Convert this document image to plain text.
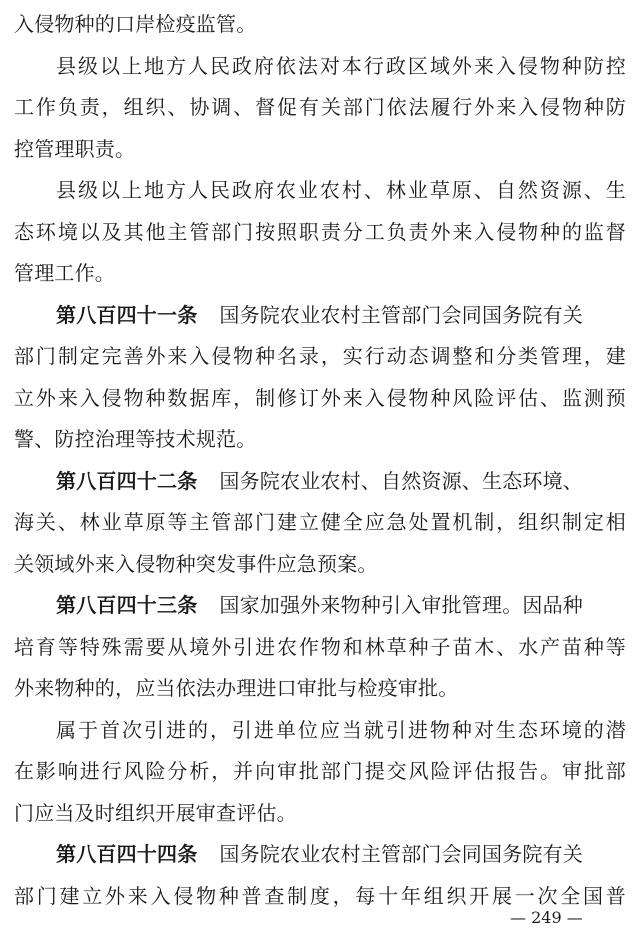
入侵物种的口岸检疫监管。
县级以上地方人民政府依法对本行政区域外来入侵物种防控
工作负责，组织、协调、督促有关部门依法履行外来入侵物种防
控管理职责。
县级以上地方人民政府农业农村、林业草原、自然资源、生
态环境以及其他主管部门按照职责分工负责外来入侵物种的监督
管理工作。
第八百四十一条 国务院农业农村主管部门会同国务院有关
部门制定完善外来入侵物种名录，实行动态调整和分类管理，建
立外来入侵物种数据库，制修订外来入侵物种风险评估、监测预
警、防控治理等技术规范。
第八百四十二条 国务院农业农村、自然资源、生态环境、
海关、林业草原等主管部门建立健全应急处置机制，组织制定相
关领域外来入侵物种突发事件应急预案。
第八百四十三条 国家加强外来物种引入审批管理。因品种
培育等特殊需要从境外引进农作物和林草种子苗木、水产苗种等
外来物种的，应当依法办理进口审批与检疫审批。
属于首次引进的，引进单位应当就引进物种对生态环境的潜
在影响进行风险分析，并向审批部门提交风险评估报告。审批部
门应当及时组织开展审查评估。
第八百四十四条 国务院农业农村主管部门会同国务院有关
部门建立外来入侵物种普查制度，每十年组织开展一次全国普
— 249 —
